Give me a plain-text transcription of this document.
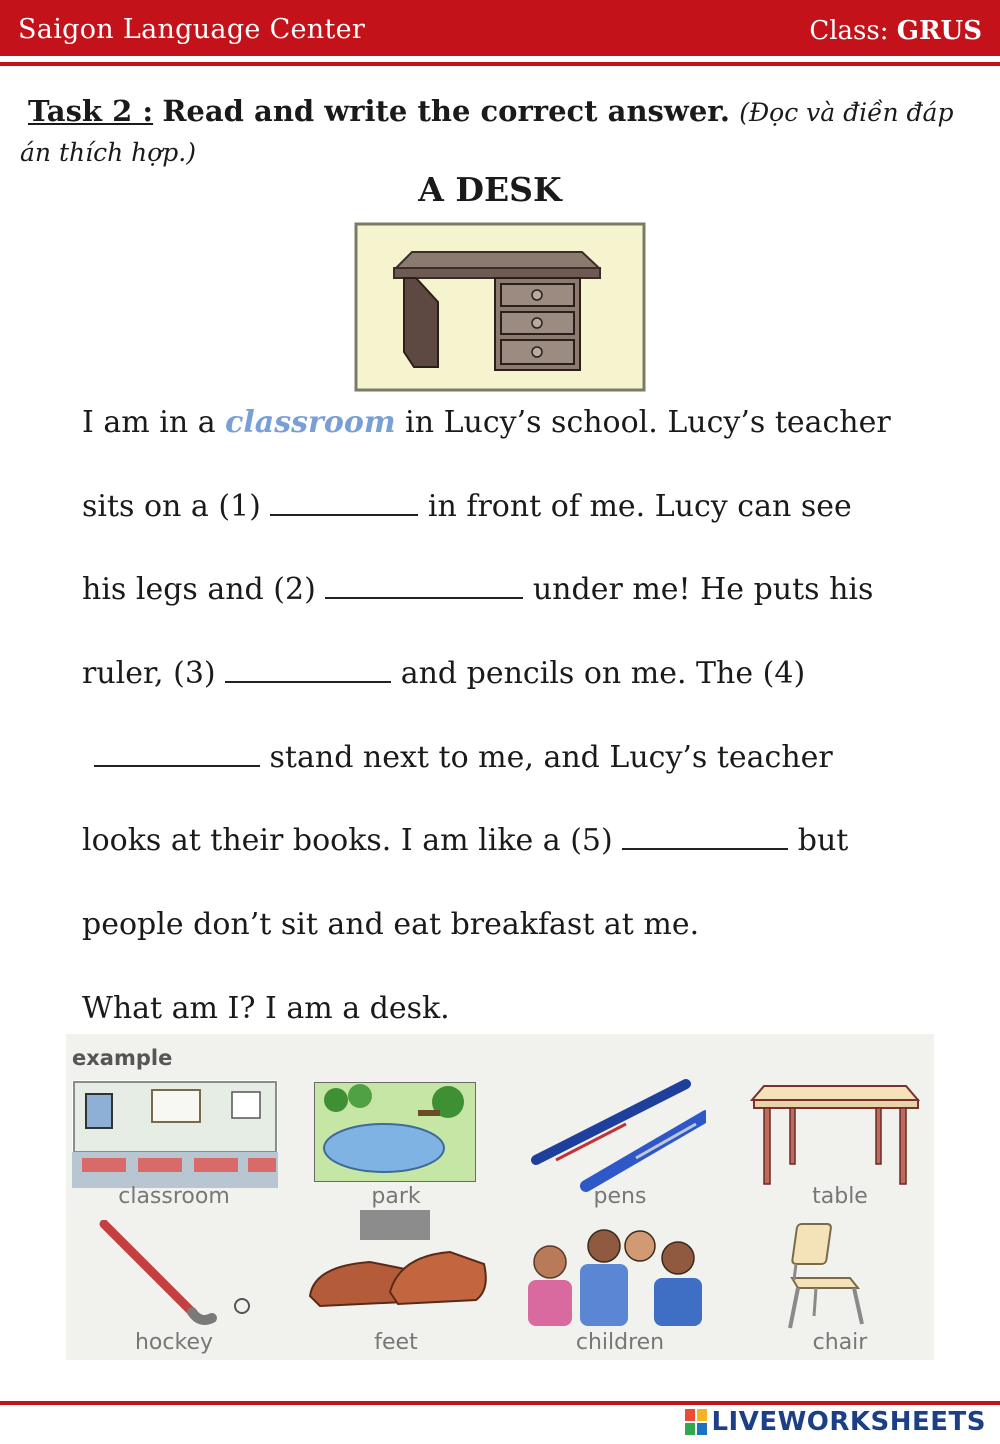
Saigon Language Center	Class: GRUS
Task 2 : Read and write the correct answer. (Đọc và điền đáp án thích hợp.)
A DESK
I am in a classroom in Lucy’s school. Lucy’s teacher
sits on a (1)	in front of me. Lucy can see
his legs and (2)	under me! He puts his
ruler, (3)	and pencils on me. The (4)
stand next to me, and Lucy’s teacher
looks at their books. I am like a (5)	but
people don’t sit and eat breakfast at me.
What am I? I am a desk.
example
classroom	park	pens	table
hockey	feet	children	chair
LIVEWORKSHEETS
